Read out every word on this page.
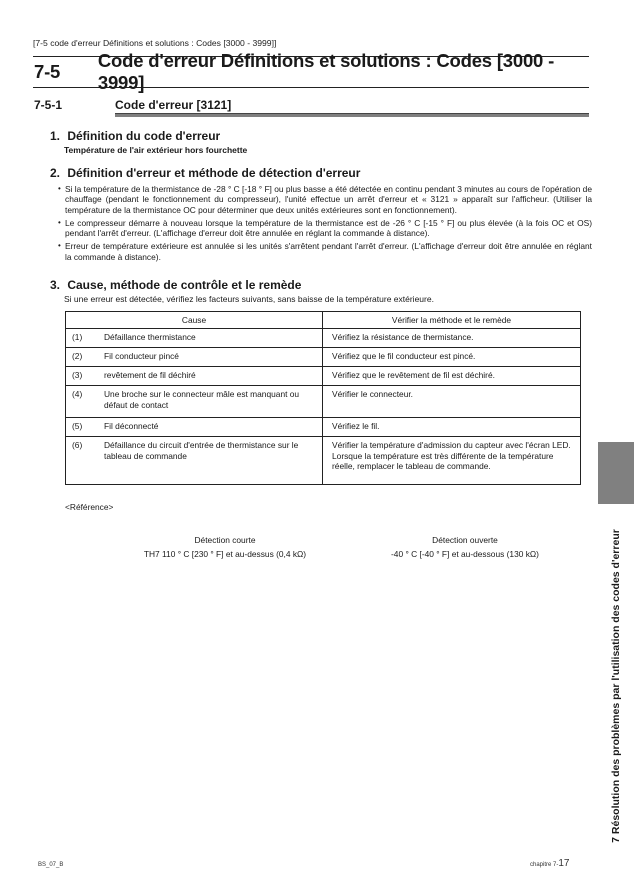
[7-5 code d'erreur Définitions et solutions : Codes [3000 - 3999]]
7-5
Code d'erreur Définitions et solutions : Codes [3000 - 3999]
7-5-1	Code d'erreur [3121]
1. Définition du code d'erreur
Température de l'air extérieur hors fourchette
2. Définition d'erreur et méthode de détection d'erreur
• Si la température de la thermistance de -28 ° C [-18 ° F] ou plus basse a été détectée en continu pendant 3 minutes au cours de l'opération de chauffage (pendant le fonctionnement du compresseur), l'unité effectue un arrêt d'erreur et « 3121 » apparaît sur l'afficheur. (Utiliser la température de la thermistance OC pour déterminer que deux unités extérieures sont en fonctionnement).
• Le compresseur démarre à nouveau lorsque la température de la thermistance est de -26 ° C [-15 ° F] ou plus élevée (à la fois OC et OS) pendant l'arrêt d'erreur. (L'affichage d'erreur doit être annulée en réglant la commande à distance).
• Erreur de température extérieure est annulée si les unités s'arrêtent pendant l'arrêt d'erreur. (L'affichage d'erreur doit être annulée en réglant la commande à distance).
3. Cause, méthode de contrôle et le remède
Si une erreur est détectée, vérifiez les facteurs suivants, sans baisse de la température extérieure.
Cause		Vérifier la méthode et le remède
(1)	Défaillance thermistance	Vérifiez la résistance de thermistance.
(2)	Fil conducteur pincé	Vérifiez que le fil conducteur est pincé.
(3)	revêtement de fil déchiré	Vérifiez que le revêtement de fil est déchiré.
(4)	Une broche sur le connecteur mâle est manquant ou défaut de contact	Vérifier le connecteur.
(5)	Fil déconnecté	Vérifiez le fil.
(6)	Défaillance du circuit d'entrée de thermistance sur le tableau de commande	Vérifier la température d'admission du capteur avec l'écran LED. Lorsque la température est très différente de la température réelle, remplacer le tableau de commande.
<Référence>
Détection courte
TH7 110 ° C [230 ° F] et au-dessus (0,4 kΩ)
Détection ouverte
-40 ° C [-40 ° F] et au-dessous (130 kΩ)	7 Résolution des problèmes par l'utilisation des codes d'erreur
BS_07_B	chapitre 7-17
